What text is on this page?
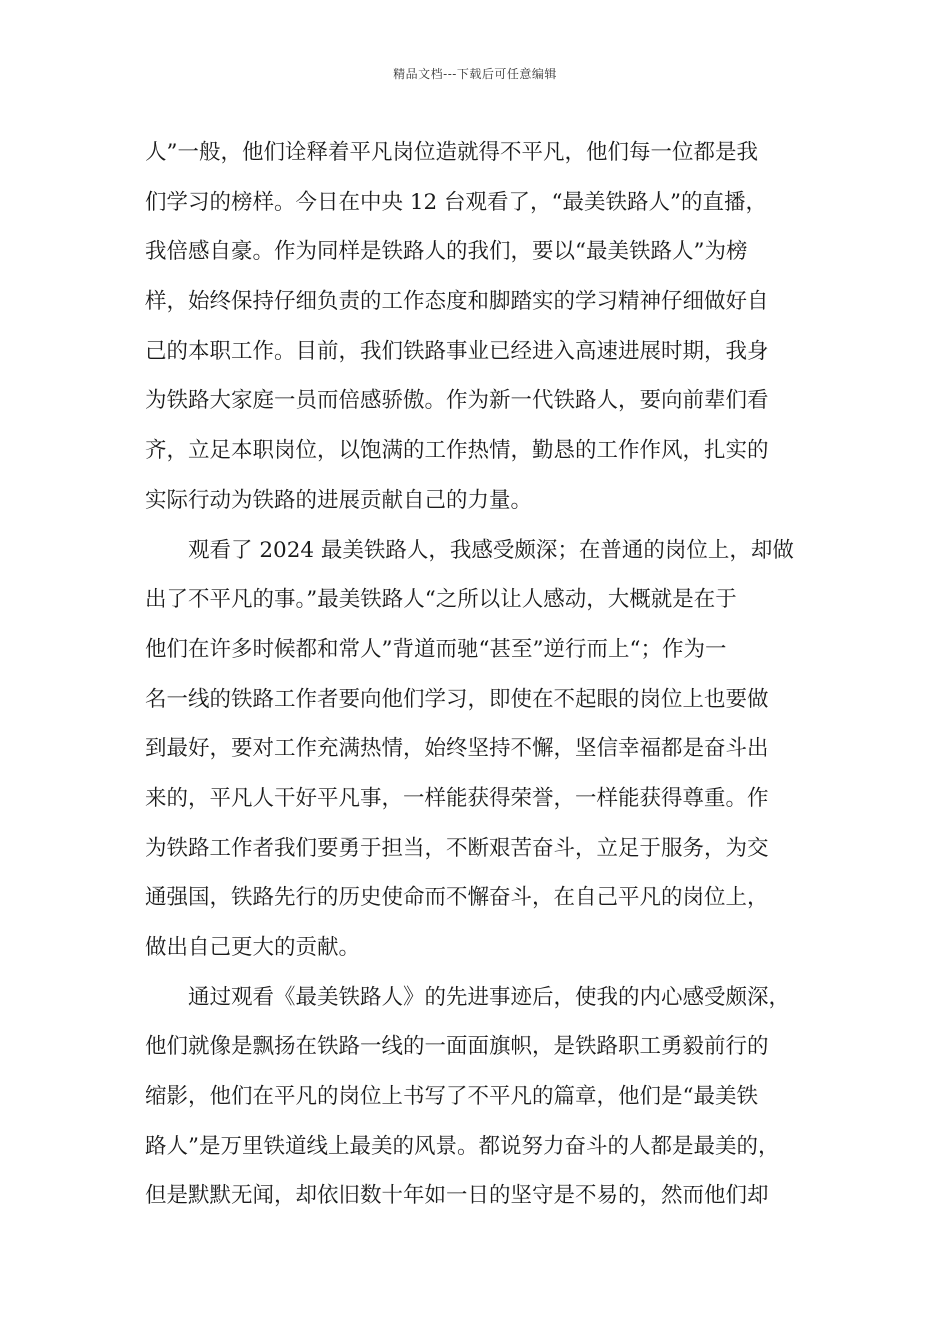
精品文档---下载后可任意编辑
人”一般，他们诠释着平凡岗位造就得不平凡，他们每一位都是我
们学习的榜样。今日在中央 12 台观看了，“最美铁路人”的直播，
我倍感自豪。作为同样是铁路人的我们，要以“最美铁路人”为榜
样，始终保持仔细负责的工作态度和脚踏实的学习精神仔细做好自
己的本职工作。目前，我们铁路事业已经进入高速进展时期，我身
为铁路大家庭一员而倍感骄傲。作为新一代铁路人，要向前辈们看
齐，立足本职岗位，以饱满的工作热情，勤恳的工作作风，扎实的
实际行动为铁路的进展贡献自己的力量。
观看了 2024 最美铁路人，我感受颇深；在普通的岗位上，却做
出了不平凡的事。”最美铁路人“之所以让人感动，大概就是在于
他们在许多时候都和常人”背道而驰“甚至”逆行而上“；作为一
名一线的铁路工作者要向他们学习，即使在不起眼的岗位上也要做
到最好，要对工作充满热情，始终坚持不懈，坚信幸福都是奋斗出
来的，平凡人干好平凡事，一样能获得荣誉，一样能获得尊重。作
为铁路工作者我们要勇于担当，不断艰苦奋斗，立足于服务，为交
通强国，铁路先行的历史使命而不懈奋斗，在自己平凡的岗位上，
做出自己更大的贡献。
通过观看《最美铁路人》的先进事迹后，使我的内心感受颇深，
他们就像是飘扬在铁路一线的一面面旗帜，是铁路职工勇毅前行的
缩影，他们在平凡的岗位上书写了不平凡的篇章，他们是“最美铁
路人”是万里铁道线上最美的风景。都说努力奋斗的人都是最美的，
但是默默无闻，却依旧数十年如一日的坚守是不易的，然而他们却
